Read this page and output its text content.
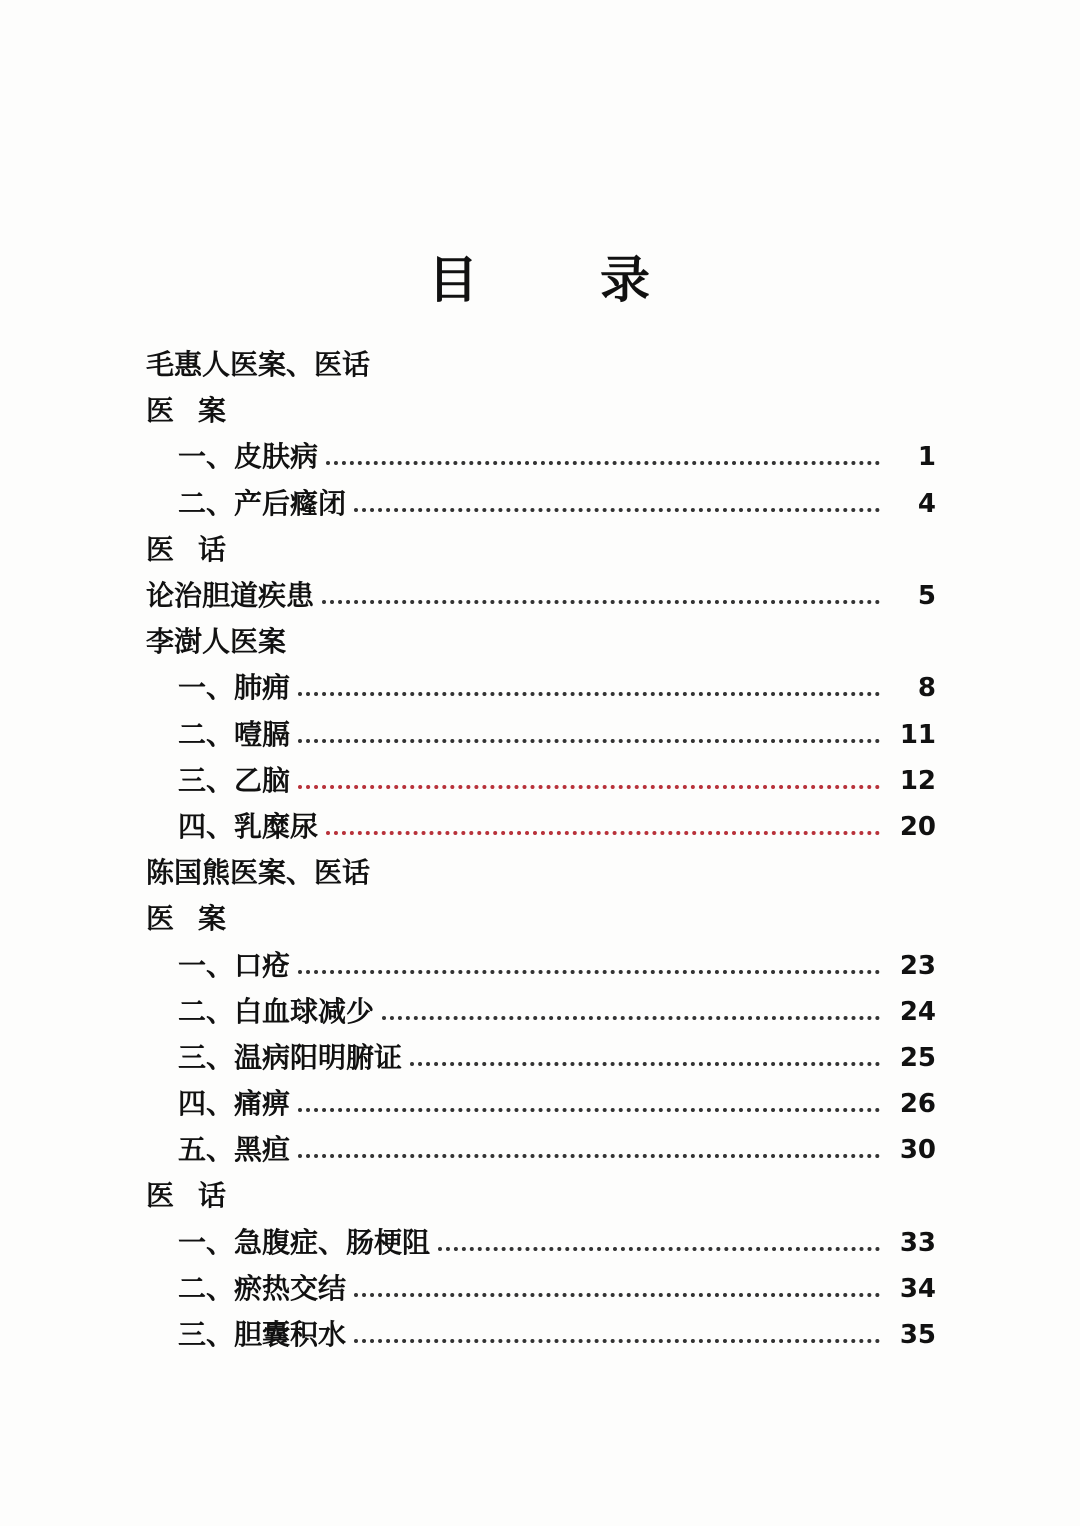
目 录
毛惠人医案、医话
医案
一、皮肤病	1
二、产后癃闭	4
医话
论治胆道疾患	5
李澍人医案
一、肺痈	8
二、噎膈	11
三、乙脑	12
四、乳糜尿	20
陈国熊医案、医话
医案
一、口疮	23
二、白血球减少	24
三、温病阳明腑证	25
四、痛痹	26
五、黑疸	30
医话
一、急腹症、肠梗阻	33
二、瘀热交结	34
三、胆囊积水	35
